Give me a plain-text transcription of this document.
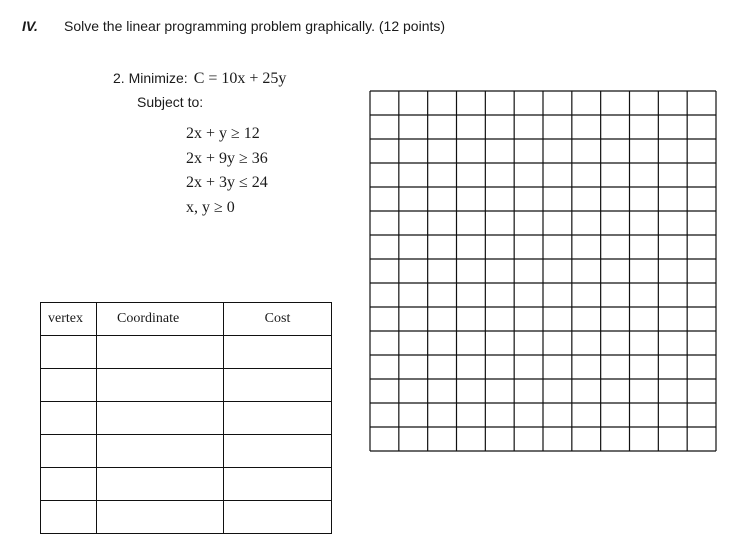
IV. Solve the linear programming problem graphically. (12 points)
2. Minimize: C = 10x + 25y
Subject to:
2x + y ≥ 12
2x + 9y ≥ 36
2x + 3y ≤ 24
x, y ≥ 0
vertex	Coordinate	Cost
